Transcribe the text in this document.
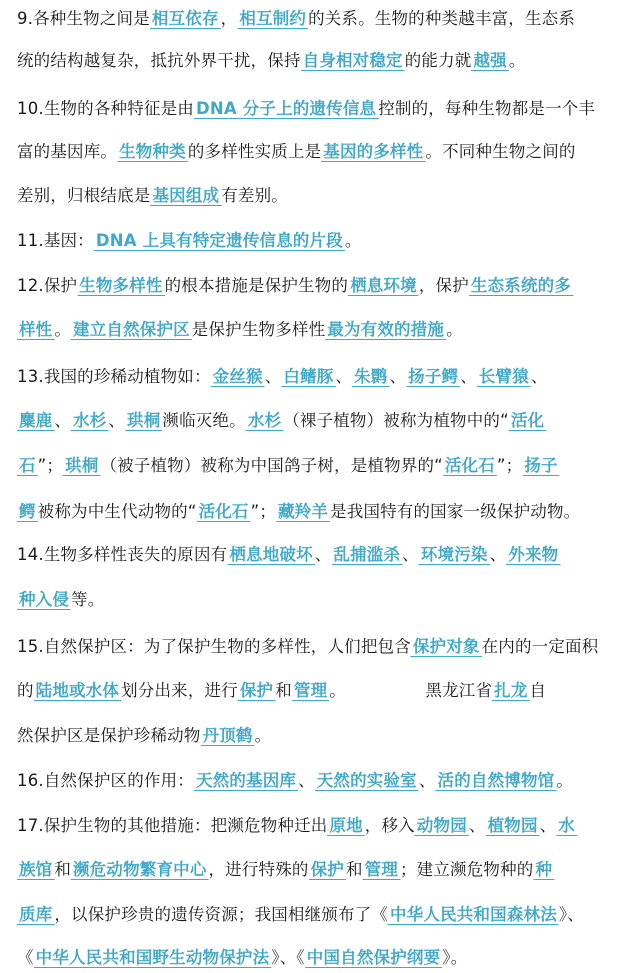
9.各种生物之间是 相互依存 ， 相互制约 的关系。生物的种类越丰富，生态系
统的结构越复杂，抵抗外界干扰，保持 自身相对稳定 的能力就 越强 。
10.生物的各种特征是由 DNA 分子上的遗传信息 控制的，每种生物都是一个丰
富的基因库。 生物种类 的多样性实质上是 基因的多样性 。不同种生物之间的
差别，归根结底是 基因组成 有差别。
11.基因： DNA 上具有特定遗传信息的片段 。
12.保护 生物多样性 的根本措施是保护生物的 栖息环境 ，保护 生态系统的多
样性 。 建立自然保护区 是保护生物多样性 最为有效的措施 。
13.我国的珍稀动植物如： 金丝猴 、 白鳍豚 、 朱鹮 、 扬子鳄 、 长臂猿 、
麋鹿 、 水杉 、 珙桐 濒临灭绝。 水杉 （裸子植物）被称为植物中的“ 活化
石 ”； 珙桐 （被子植物）被称为中国鸽子树，是植物界的“ 活化石 ”； 扬子
鳄 被称为中生代动物的“ 活化石 ”； 藏羚羊 是我国特有的国家一级保护动物。
14.生物多样性丧失的原因有 栖息地破坏 、 乱捕滥杀 、 环境污染 、 外来物
种入侵 等。
15.自然保护区：为了保护生物的多样性，人们把包含 保护对象 在内的一定面积
的 陆地或水体 划分出来，进行 保护 和 管理 。	黑龙江省 扎龙 自
然保护区是保护珍稀动物 丹顶鹤 。
16.自然保护区的作用： 天然的基因库 、 天然的实验室 、 活的自然博物馆 。
17.保护生物的其他措施：把濒危物种迁出 原地 ，移入 动物园 、 植物园 、 水
族馆 和 濒危动物繁育中心 ，进行特殊的 保护 和 管理 ；建立濒危物种的 种
质库 ，以保护珍贵的遗传资源；我国相继颁布了《 中华人民共和国森林法 》、
《 中华人民共和国野生动物保护法 》、《 中国自然保护纲要 》。
